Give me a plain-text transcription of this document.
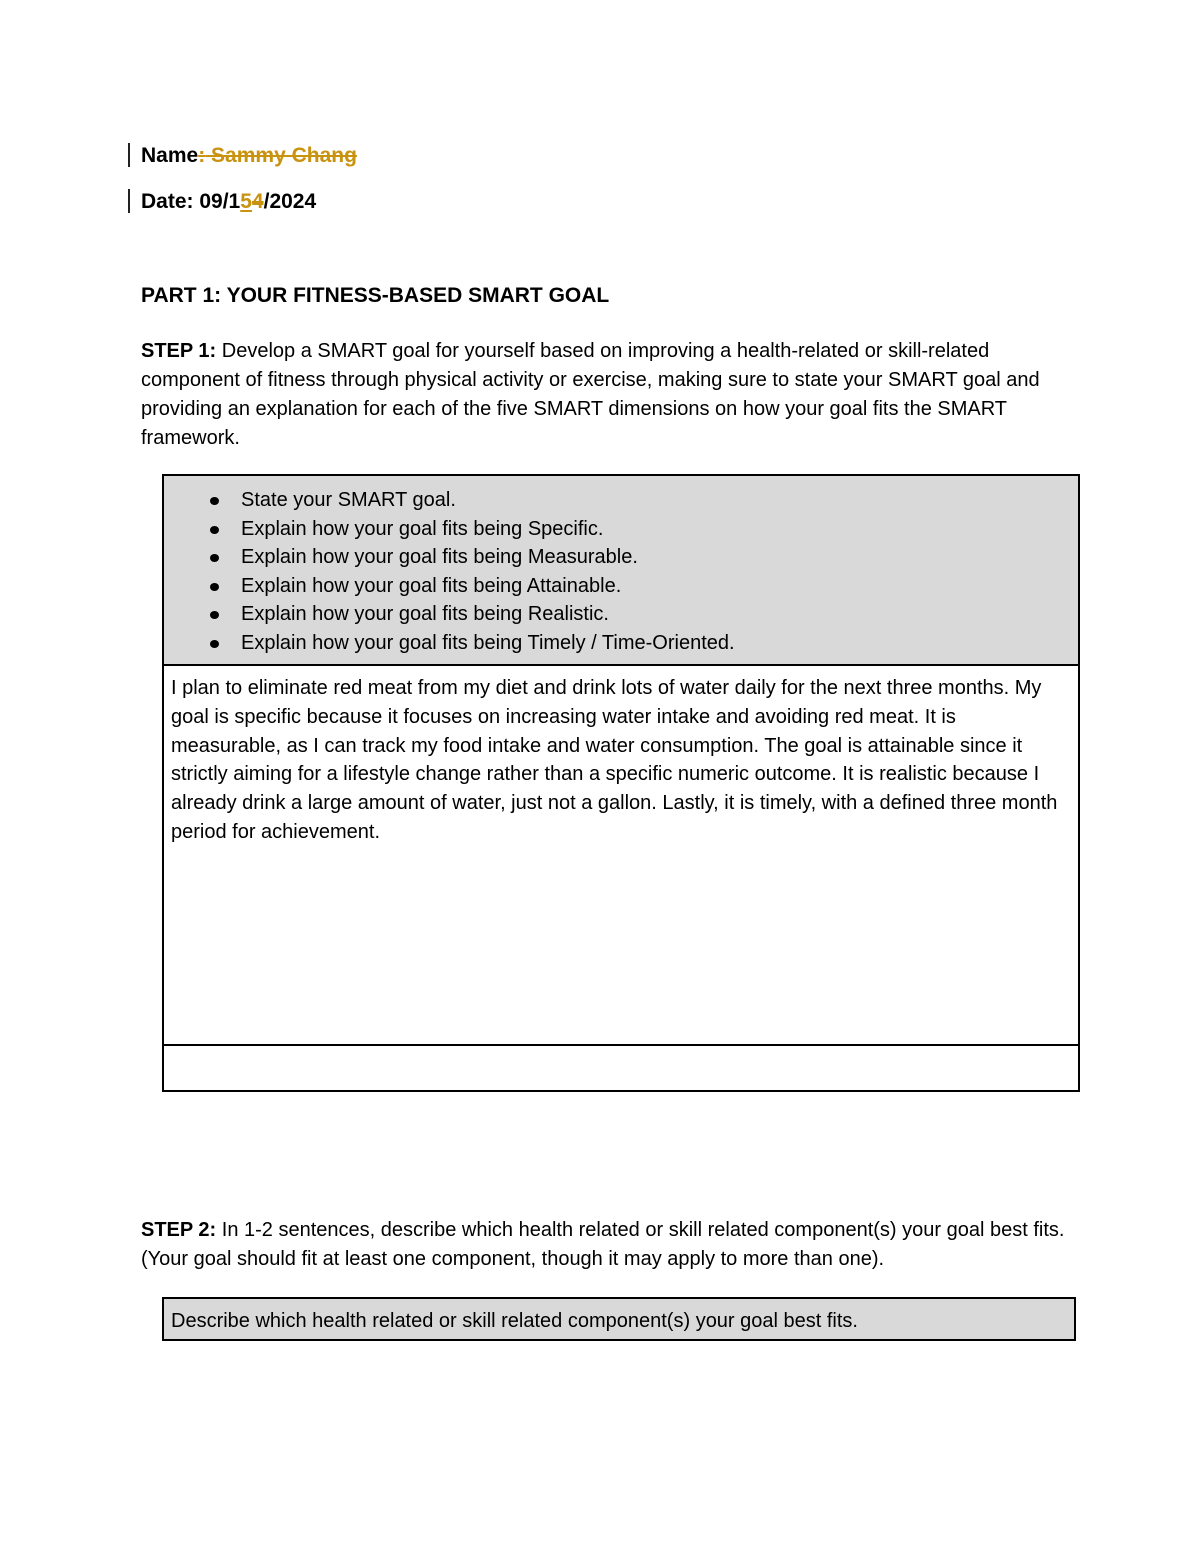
Name: Sammy Chang
Date: 09/154/2024
PART 1: YOUR FITNESS-BASED SMART GOAL
STEP 1: Develop a SMART goal for yourself based on improving a health-related or skill-related component of fitness through physical activity or exercise, making sure to state your SMART goal and providing an explanation for each of the five SMART dimensions on how your goal fits the SMART framework.
State your SMART goal.
Explain how your goal fits being Specific.
Explain how your goal fits being Measurable.
Explain how your goal fits being Attainable.
Explain how your goal fits being Realistic.
Explain how your goal fits being Timely / Time-Oriented.
I plan to eliminate red meat from my diet and drink lots of water daily for the next three months. My goal is specific because it focuses on increasing water intake and avoiding red meat. It is measurable, as I can track my food intake and water consumption. The goal is attainable since it strictly aiming for a lifestyle change rather than a specific numeric outcome. It is realistic because I already drink a large amount of water, just not a gallon. Lastly, it is timely, with a defined three month period for achievement.
STEP 2: In 1-2 sentences, describe which health related or skill related component(s) your goal best fits. (Your goal should fit at least one component, though it may apply to more than one).
Describe which health related or skill related component(s) your goal best fits.
